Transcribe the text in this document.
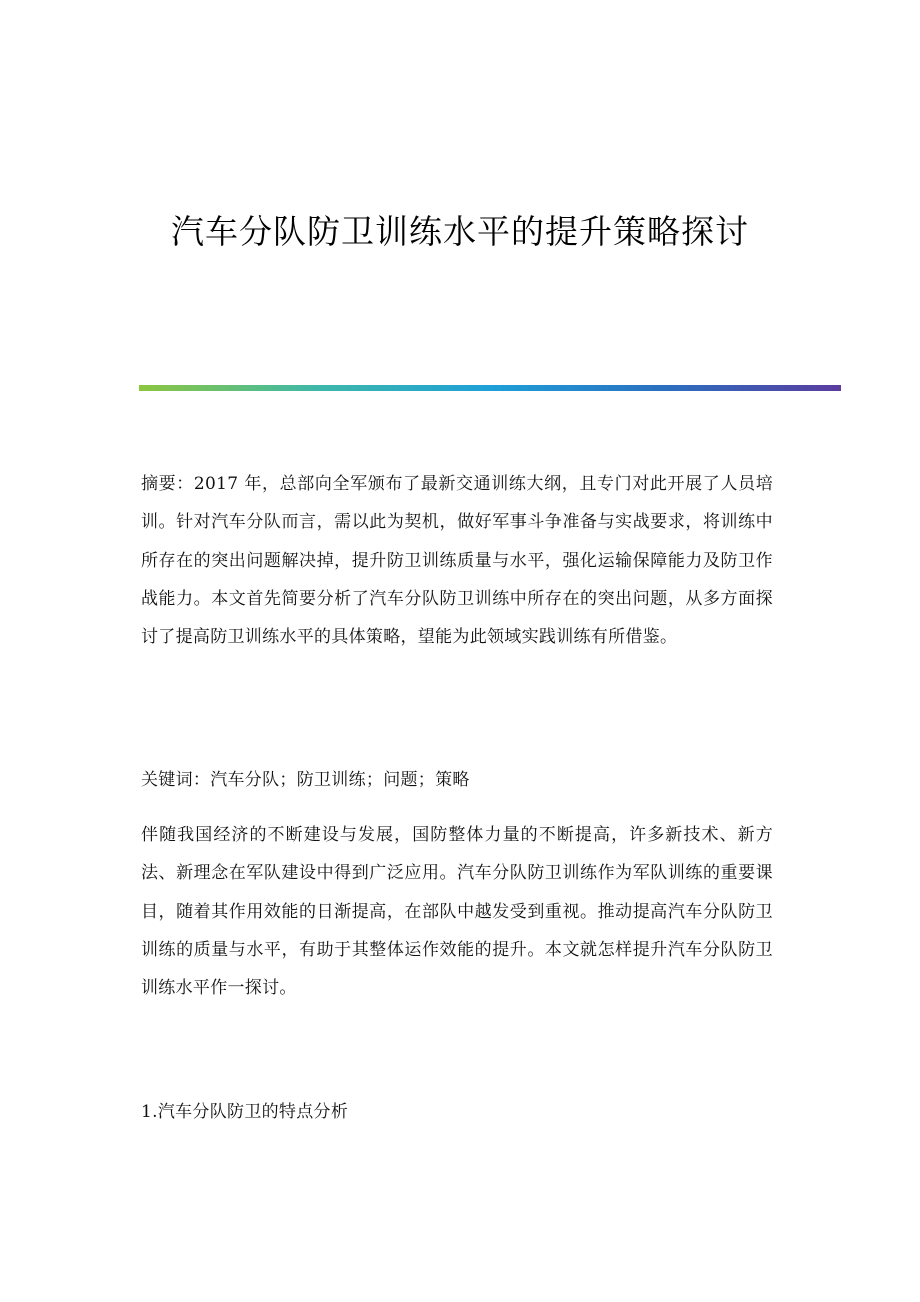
汽车分队防卫训练水平的提升策略探讨

摘要：2017 年，总部向全军颁布了最新交通训练大纲，且专门对此开展了人员培训。针对汽车分队而言，需以此为契机，做好军事斗争准备与实战要求，将训练中所存在的突出问题解决掉，提升防卫训练质量与水平，强化运输保障能力及防卫作战能力。本文首先简要分析了汽车分队防卫训练中所存在的突出问题，从多方面探讨了提高防卫训练水平的具体策略，望能为此领域实践训练有所借鉴。

关键词：汽车分队；防卫训练；问题；策略

伴随我国经济的不断建设与发展，国防整体力量的不断提高，许多新技术、新方法、新理念在军队建设中得到广泛应用。汽车分队防卫训练作为军队训练的重要课目，随着其作用效能的日渐提高，在部队中越发受到重视。推动提高汽车分队防卫训练的质量与水平，有助于其整体运作效能的提升。本文就怎样提升汽车分队防卫训练水平作一探讨。

1.汽车分队防卫的特点分析
